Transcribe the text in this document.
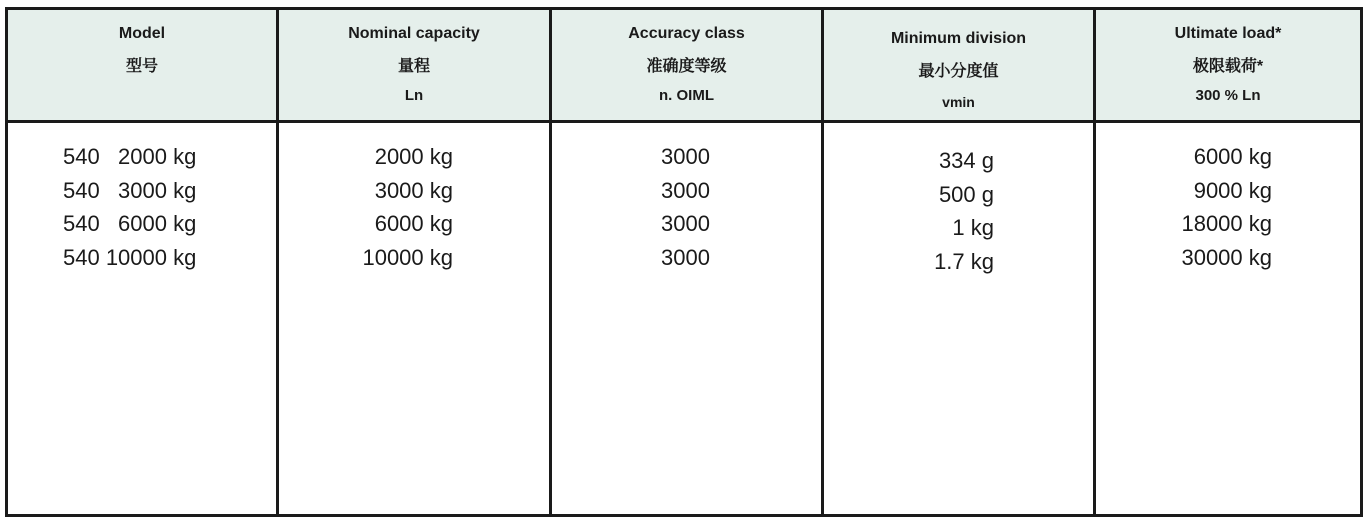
Model
型号
540   2000 kg
540   3000 kg
540   6000 kg
540 10000 kg
Nominal capacity
量程
Ln
2000 kg
3000 kg
6000 kg
10000 kg
Accuracy class
准确度等级
n. OIML
3000
3000
3000
3000
Minimum division
最小分度值
vmin
334 g
500 g
1 kg
1.7 kg
Ultimate load*
极限载荷*
300 % Ln
6000 kg
9000 kg
18000 kg
30000 kg
